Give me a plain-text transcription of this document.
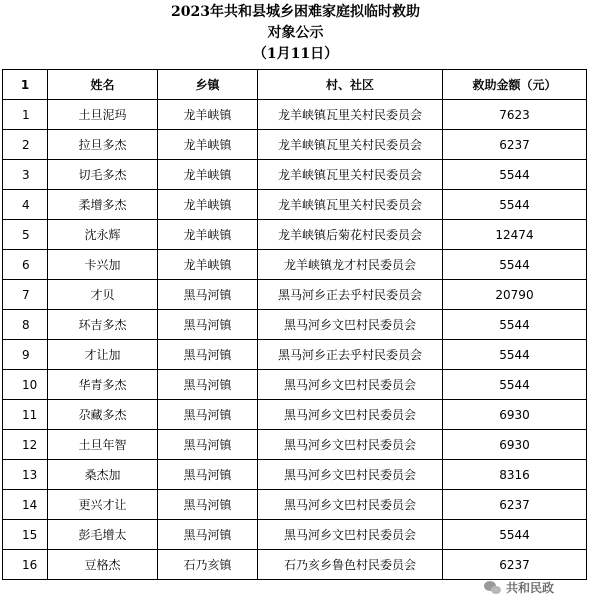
2023年共和县城乡困难家庭拟临时救助
对象公示
（1月11日）
1	姓名	乡镇	村、社区	救助金额（元）
1	土旦泥玛	龙羊峡镇	龙羊峡镇瓦里关村民委员会	7623
2	拉旦多杰	龙羊峡镇	龙羊峡镇瓦里关村民委员会	6237
3	切毛多杰	龙羊峡镇	龙羊峡镇瓦里关村民委员会	5544
4	柔增多杰	龙羊峡镇	龙羊峡镇瓦里关村民委员会	5544
5	沈永辉	龙羊峡镇	龙羊峡镇后菊花村民委员会	12474
6	卡兴加	龙羊峡镇	龙羊峡镇龙才村民委员会	5544
7	才贝	黑马河镇	黑马河乡正去乎村民委员会	20790
8	环吉多杰	黑马河镇	黑马河乡文巴村民委员会	5544
9	才让加	黑马河镇	黑马河乡正去乎村民委员会	5544
10	华青多杰	黑马河镇	黑马河乡文巴村民委员会	5544
11	尕藏多杰	黑马河镇	黑马河乡文巴村民委员会	6930
12	土旦年智	黑马河镇	黑马河乡文巴村民委员会	6930
13	桑杰加	黑马河镇	黑马河乡文巴村民委员会	8316
14	更兴才让	黑马河镇	黑马河乡文巴村民委员会	6237
15	彭毛增太	黑马河镇	黑马河乡文巴村民委员会	5544
16	豆格杰	石乃亥镇	石乃亥乡鲁色村民委员会	6237
共和民政
